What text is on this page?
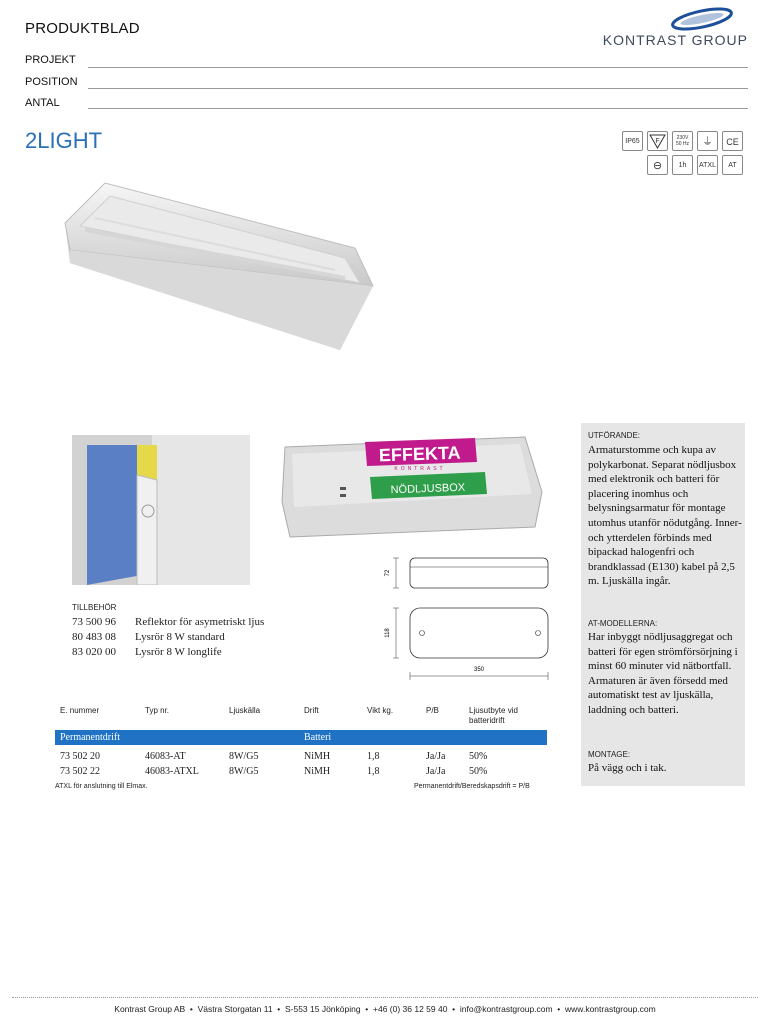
PRODUKTBLAD
KONTRAST GROUP
PROJEKT
POSITION
ANTAL
2LIGHT	IP65	F	230V
50 Hz	⏚	CE
⊖	1h	ATXL	AT
EFFEKTA
KONTRAST
NÖDLJUSBOX
72
118
350
TILLBEHÖR
73 500 96 Reflektor för asymetriskt ljus
80 483 08 Lysrör 8 W standard
83 020 00 Lysrör 8 W longlife
E. nummer	Typ nr.	Ljuskälla	Drift	Vikt kg.	P/B	Ljusutbyte vid batteridrift
Permanentdrift	Batteri
73 502 20	46083-AT	8W/G5	NiMH	1,8	Ja/Ja 50%
73 502 22	46083-ATXL	8W/G5	NiMH	1,8	Ja/Ja 50%
ATXL för anslutning till Elmax.	Permanentdrift/Beredskapsdrift = P/B
UTFÖRANDE:
Armaturstomme och kupa av polykarbonat. Separat nödljusbox med elektronik och batteri för placering inomhus och belysningsarmatur för montage utomhus utanför nödutgång. Inner- och ytterdelen förbinds med bipackad halogenfri och brandklassad (E130) kabel på 2,5 m. Ljuskälla ingår.
AT-MODELLERNA:
Har inbyggt nödljusaggregat och batteri för egen strömförsörjning i minst 60 minuter vid nätbortfall. Armaturen är även försedd med automatiskt test av ljuskälla, laddning och batteri.
MONTAGE:
På vägg och i tak.
Kontrast Group AB  •  Västra Storgatan 11  •  S-553 15 Jönköping  •  +46 (0) 36 12 59 40  •  info@kontrastgroup.com  •  www.kontrastgroup.com
